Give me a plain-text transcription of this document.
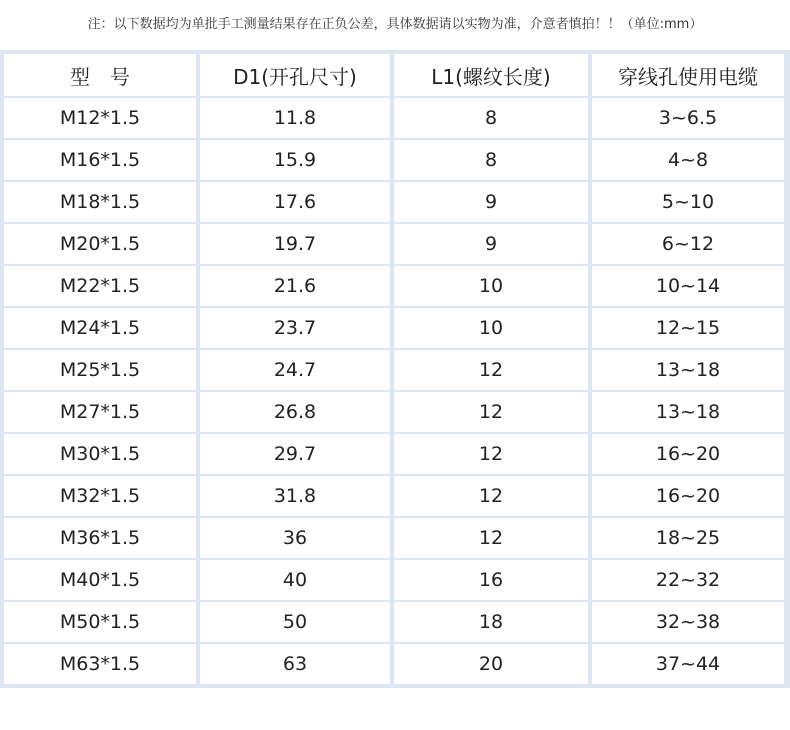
注：以下数据均为单批手工测量结果存在正负公差，具体数据请以实物为准，介意者慎拍！！（单位:mm）
型　号	D1(开孔尺寸)	L1(螺纹长度)	穿线孔使用电缆
M12*1.5	11.8	8	3~6.5
M16*1.5	15.9	8	4~8
M18*1.5	17.6	9	5~10
M20*1.5	19.7	9	6~12
M22*1.5	21.6	10	10~14
M24*1.5	23.7	10	12~15
M25*1.5	24.7	12	13~18
M27*1.5	26.8	12	13~18
M30*1.5	29.7	12	16~20
M32*1.5	31.8	12	16~20
M36*1.5	36	12	18~25
M40*1.5	40	16	22~32
M50*1.5	50	18	32~38
M63*1.5	63	20	37~44
